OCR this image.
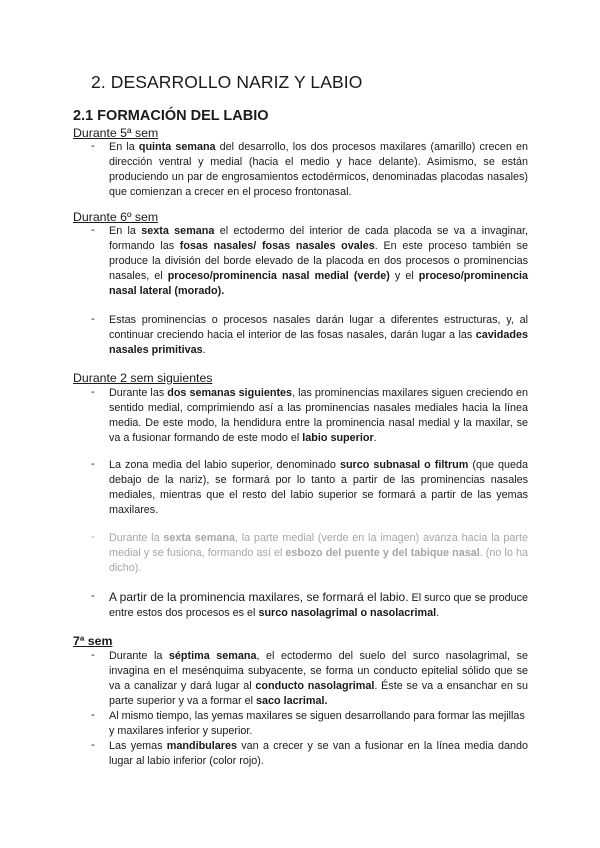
2. DESARROLLO NARIZ Y LABIO
2.1 FORMACIÓN DEL LABIO
Durante 5ª sem
- En la quinta semana del desarrollo, los dos procesos maxilares (amarillo) crecen en dirección ventral y medial (hacia el medio y hace delante). Asimismo, se están produciendo un par de engrosamientos ectodérmicos, denominadas placodas nasales) que comienzan a crecer en el proceso frontonasal.
Durante 6º sem
- En la sexta semana el ectodermo del interior de cada placoda se va a invaginar, formando las fosas nasales/ fosas nasales ovales. En este proceso también se produce la división del borde elevado de la placoda en dos procesos o prominencias nasales, el proceso/prominencia nasal medial (verde) y el proceso/prominencia nasal lateral (morado).
- Estas prominencias o procesos nasales darán lugar a diferentes estructuras, y, al continuar creciendo hacia el interior de las fosas nasales, darán lugar a las cavidades nasales primitivas.
Durante 2 sem siguientes
- Durante las dos semanas siguientes, las prominencias maxilares siguen creciendo en sentido medial, comprimiendo así a las prominencias nasales mediales hacia la línea media. De este modo, la hendidura entre la prominencia nasal medial y la maxilar, se va a fusionar formando de este modo el labio superior.
- La zona media del labio superior, denominado surco subnasal o filtrum (que queda debajo de la nariz), se formará por lo tanto a partir de las prominencias nasales mediales, mientras que el resto del labio superior se formará a partir de las yemas maxilares.
- Durante la sexta semana, la parte medial (verde en la imagen) avanza hacia la parte medial y se fusiona, formando así el esbozo del puente y del tabique nasal. (no lo ha dicho).
- A partir de la prominencia maxilares, se formará el labio. El surco que se produce entre estos dos procesos es el surco nasolagrimal o nasolacrimal.
7ª sem
- Durante la séptima semana, el ectodermo del suelo del surco nasolagrimal, se invagina en el mesénquima subyacente, se forma un conducto epitelial sólido que se va a canalizar y dará lugar al conducto nasolagrimal. Éste se va a ensanchar en su parte superior y va a formar el saco lacrimal.
- Al mismo tiempo, las yemas maxilares se siguen desarrollando para formar las mejillas y maxilares inferior y superior.
- Las yemas mandibulares van a crecer y se van a fusionar en la línea media dando lugar al labio inferior (color rojo).
